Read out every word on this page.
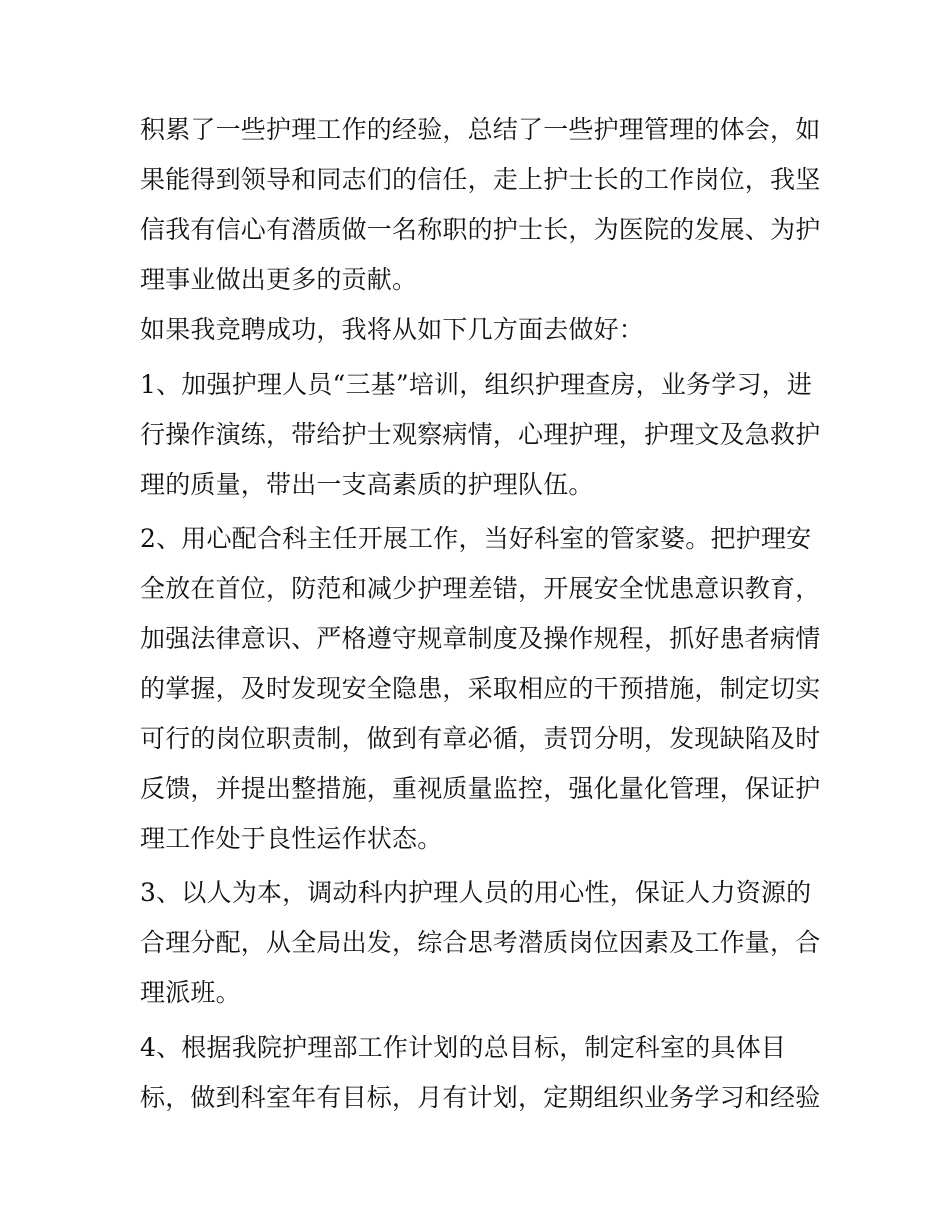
积累了一些护理工作的经验，总结了一些护理管理的体会，如
果能得到领导和同志们的信任，走上护士长的工作岗位，我坚
信我有信心有潜质做一名称职的护士长，为医院的发展、为护
理事业做出更多的贡献。
如果我竞聘成功，我将从如下几方面去做好：
1、加强护理人员“三基”培训，组织护理查房，业务学习，进
行操作演练，带给护士观察病情，心理护理，护理文及急救护
理的质量，带出一支高素质的护理队伍。
2、用心配合科主任开展工作，当好科室的管家婆。把护理安
全放在首位，防范和减少护理差错，开展安全忧患意识教育，
加强法律意识、严格遵守规章制度及操作规程，抓好患者病情
的掌握，及时发现安全隐患，采取相应的干预措施，制定切实
可行的岗位职责制，做到有章必循，责罚分明，发现缺陷及时
反馈，并提出整措施，重视质量监控，强化量化管理，保证护
理工作处于良性运作状态。
3、以人为本，调动科内护理人员的用心性，保证人力资源的
合理分配，从全局出发，综合思考潜质岗位因素及工作量，合
理派班。
4、根据我院护理部工作计划的总目标，制定科室的具体目
标，做到科室年有目标，月有计划，定期组织业务学习和经验
